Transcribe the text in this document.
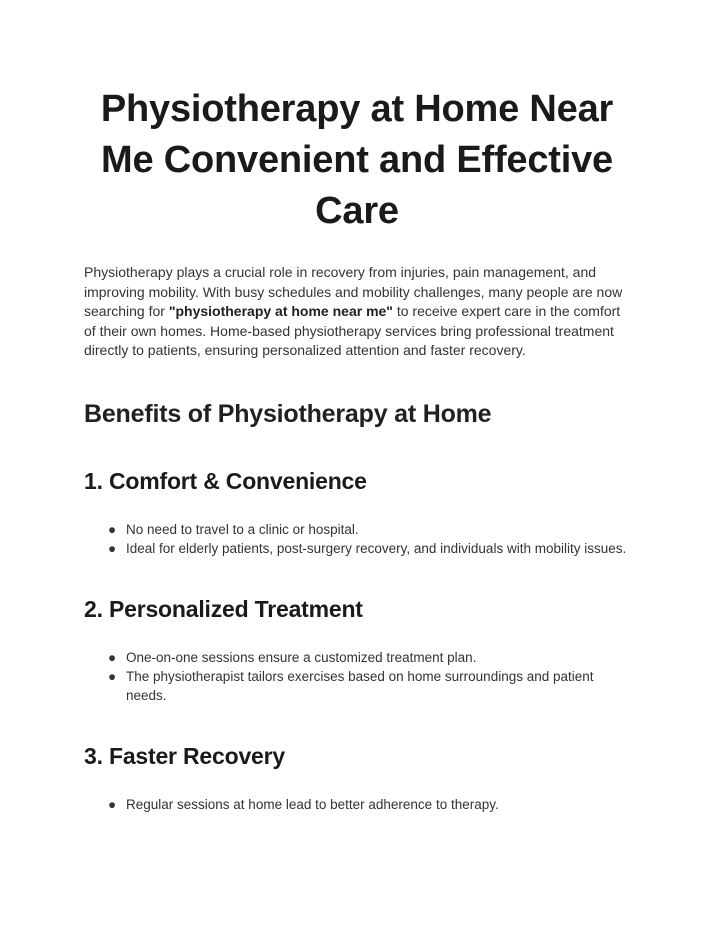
Physiotherapy at Home Near Me Convenient and Effective Care

Physiotherapy plays a crucial role in recovery from injuries, pain management, and improving mobility. With busy schedules and mobility challenges, many people are now searching for "physiotherapy at home near me" to receive expert care in the comfort of their own homes. Home-based physiotherapy services bring professional treatment directly to patients, ensuring personalized attention and faster recovery.

Benefits of Physiotherapy at Home
1. Comfort & Convenience
● No need to travel to a clinic or hospital.
● Ideal for elderly patients, post-surgery recovery, and individuals with mobility issues.
2. Personalized Treatment
● One-on-one sessions ensure a customized treatment plan.
● The physiotherapist tailors exercises based on home surroundings and patient needs.
3. Faster Recovery
● Regular sessions at home lead to better adherence to therapy.
